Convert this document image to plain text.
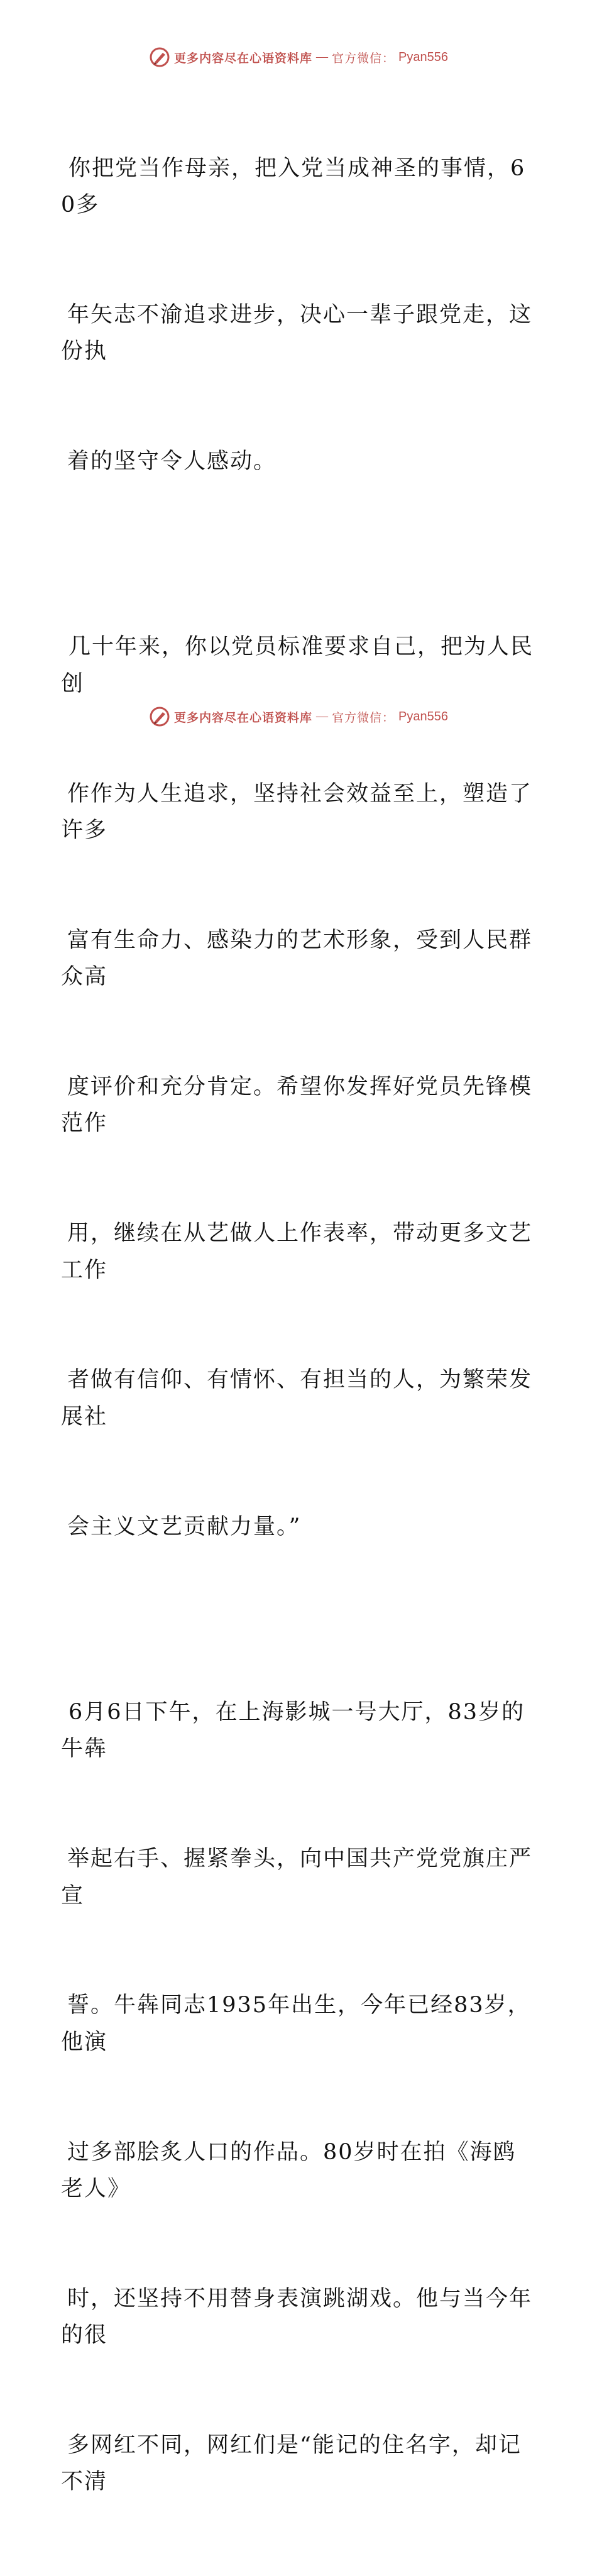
更多内容尽在心语资料库 — 官方微信： Pyan556

你把党当作母亲，把入党当成神圣的事情，60多

年矢志不渝追求进步，决心一辈子跟党走，这份执

着的坚守令人感动。

几十年来，你以党员标准要求自己，把为人民创

作作为人生追求，坚持社会效益至上，塑造了许多

富有生命力、感染力的艺术形象，受到人民群众高

度评价和充分肯定。希望你发挥好党员先锋模范作

用，继续在从艺做人上作表率，带动更多文艺工作

者做有信仰、有情怀、有担当的人，为繁荣发展社

会主义文艺贡献力量。”

6月6日下午，在上海影城一号大厅，83岁的牛犇

举起右手、握紧拳头，向中国共产党党旗庄严宣

誓。牛犇同志1935年出生，今年已经83岁，他演

过多部脍炙人口的作品。80岁时在拍《海鸥老人》

时，还坚持不用替身表演跳湖戏。他与当今年的很

多网红不同，网红们是“能记的住名字，却记不清

更多内容尽在心语资料库 — 官方微信： Pyan556
